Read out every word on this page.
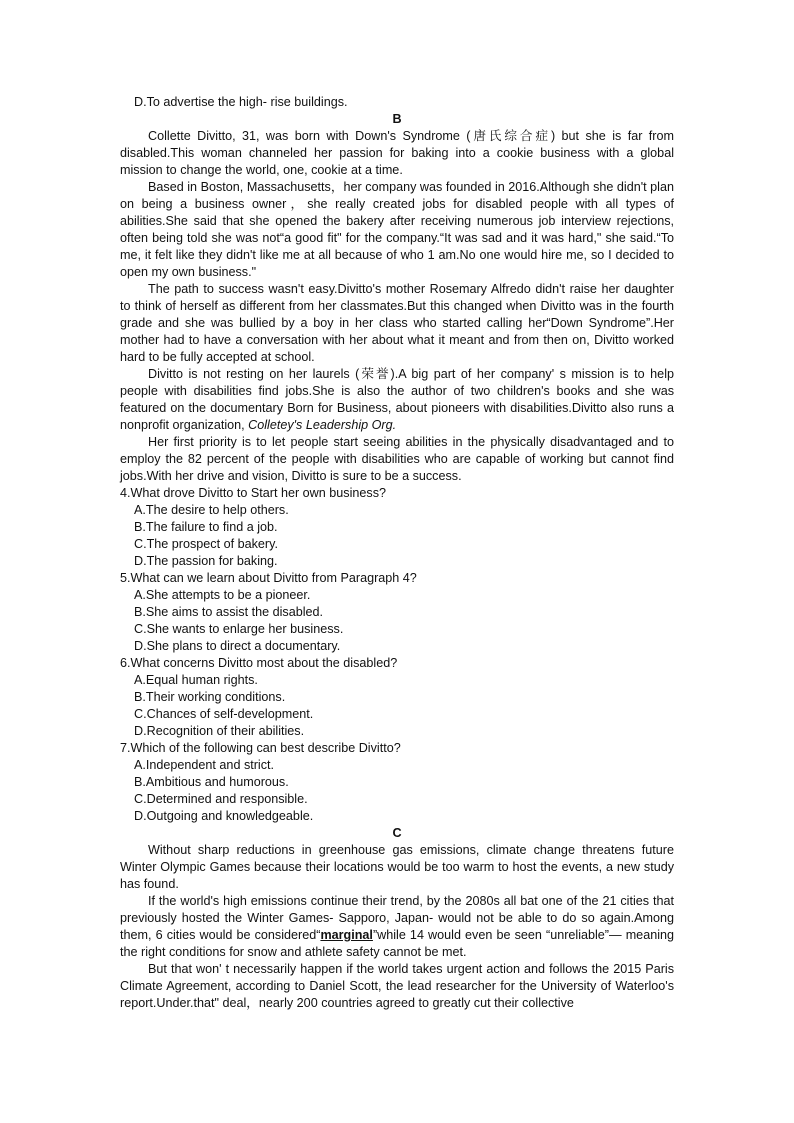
D.To advertise the high- rise buildings.
B

Collette Divitto, 31, was born with Down's Syndrome (唐氏综合症) but she is far from disabled.This woman channeled her passion for baking into a cookie business with a global mission to change the world, one, cookie at a time.

Based in Boston, Massachusetts，her company was founded in 2016.Although she didn't plan on being a business owner，she really created jobs for disabled people with all types of abilities.She said that she opened the bakery after receiving numerous job interview rejections, often being told she was not“a good fit" for the company.“It was sad and it was hard," she said.“To me, it felt like they didn't like me at all because of who 1 am.No one would hire me, so I decided to open my own business."

The path to success wasn't easy.Divitto's mother Rosemary Alfredo didn't raise her daughter to think of herself as different from her classmates.But this changed when Divitto was in the fourth grade and she was bullied by a boy in her class who started calling her“Down Syndrome”.Her mother had to have a conversation with her about what it meant and from then on, Divitto worked hard to be fully accepted at school.

Divitto is not resting on her laurels (荣誉).A big part of her company' s mission is to help people with disabilities find jobs.She is also the author of two children's books and she was featured on the documentary Born for Business, about pioneers with disabilities.Divitto also runs a nonprofit organization, Colletey's Leadership Org.

Her first priority is to let people start seeing abilities in the physically disadvantaged and to employ the 82 percent of the people with disabilities who are capable of working but cannot find jobs.With her drive and vision, Divitto is sure to be a success.

4.What drove Divitto to Start her own business?
A.The desire to help others.
B.The failure to find a job.
C.The prospect of bakery.
D.The passion for baking.
5.What can we learn about Divitto from Paragraph 4?
A.She attempts to be a pioneer.
B.She aims to assist the disabled.
C.She wants to enlarge her business.
D.She plans to direct a documentary.
6.What concerns Divitto most about the disabled?
A.Equal human rights.
B.Their working conditions.
C.Chances of self-development.
D.Recognition of their abilities.
7.Which of the following can best describe Divitto?
A.Independent and strict.
B.Ambitious and humorous.
C.Determined and responsible.
D.Outgoing and knowledgeable.
C

Without sharp reductions in greenhouse gas emissions, climate change threatens future Winter Olympic Games because their locations would be too warm to host the events, a new study has found.

If the world's high emissions continue their trend, by the 2080s all bat one of the 21 cities that previously hosted the Winter Games- Sapporo, Japan- would not be able to do so again.Among them, 6 cities would be considered“marginal”while 14 would even be seen “unreliable”— meaning the right conditions for snow and athlete safety cannot be met.

But that won' t necessarily happen if the world takes urgent action and follows the 2015 Paris Climate Agreement, according to Daniel Scott, the lead researcher for the University of Waterloo's report.Under.that" deal，nearly 200 countries agreed to greatly cut their collective
